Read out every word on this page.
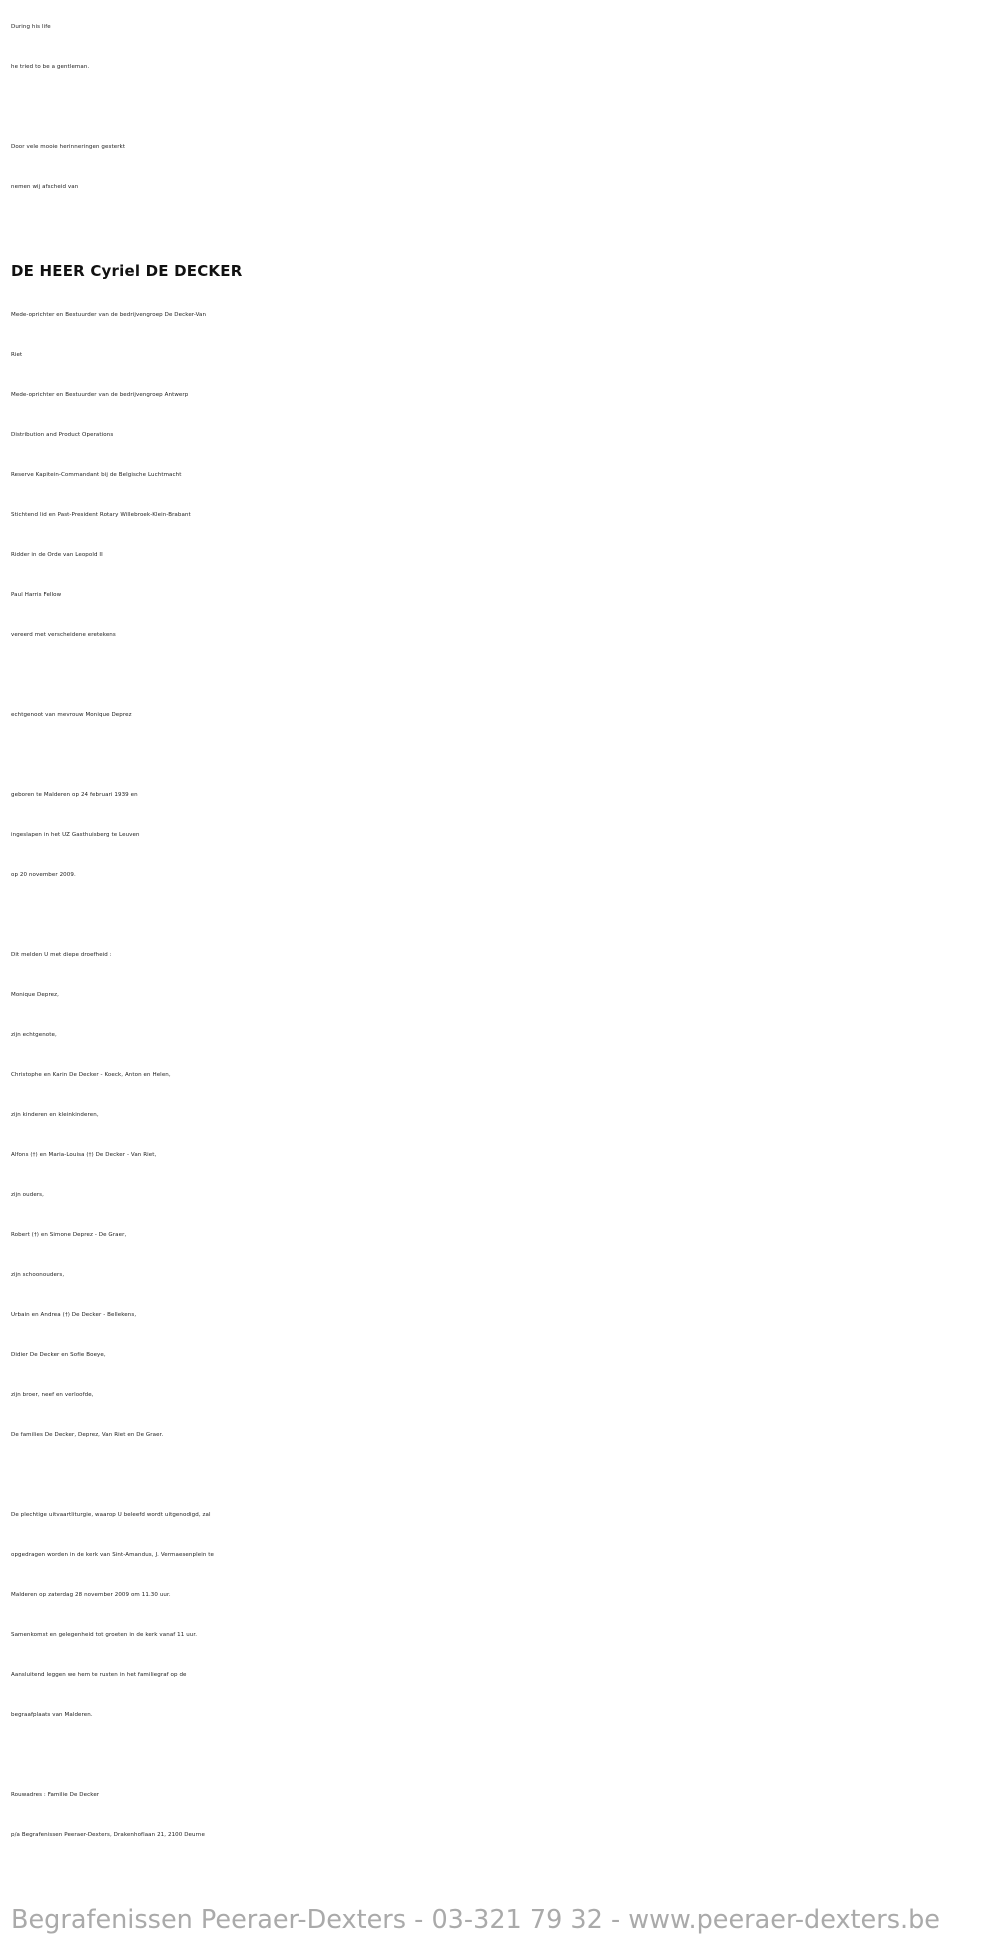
During his life
he tried to be a gentleman.
Door vele mooie herinneringen gesterkt
nemen wij afscheid van
DE HEER Cyriel DE DECKER
Mede-oprichter en Bestuurder van de bedrijvengroep De Decker-Van
Riet
Mede-oprichter en Bestuurder van de bedrijvengroep Antwerp
Distribution and Product Operations
Reserve Kapitein-Commandant bij de Belgische Luchtmacht
Stichtend lid en Past-President Rotary Willebroek-Klein-Brabant
Ridder in de Orde van Leopold II
Paul Harris Fellow
vereerd met verscheidene eretekens
echtgenoot van mevrouw Monique Deprez
geboren te Malderen op 24 februari 1939 en
ingeslapen in het UZ Gasthuisberg te Leuven
op 20 november 2009.
Dit melden U met diepe droefheid :
Monique Deprez,
zijn echtgenote,
Christophe en Karin De Decker - Koeck, Anton en Helen,
zijn kinderen en kleinkinderen,
Alfons (†) en Maria-Louisa (†) De Decker - Van Riet,
zijn ouders,
Robert (†) en Simone Deprez - De Graer,
zijn schoonouders,
Urbain en Andrea (†) De Decker - Bellekens,
Didier De Decker en Sofie Boeye,
zijn broer, neef en verloofde,
De families De Decker, Deprez, Van Riet en De Graer.
De plechtige uitvaartliturgie, waarop U beleefd wordt uitgenodigd, zal
opgedragen worden in de kerk van Sint-Amandus, J. Vermaesenplein te
Malderen op zaterdag 28 november 2009 om 11.30 uur.
Samenkomst en gelegenheid tot groeten in de kerk vanaf 11 uur.
Aansluitend leggen we hem te rusten in het familiegraf op de
begraafplaats van Malderen.
Rouwadres : Familie De Decker
p/a Begrafenissen Peeraer-Dexters, Drakenhoflaan 21, 2100 Deurne
Begrafenissen Peeraer-Dexters - 03-321 79 32 - www.peeraer-dexters.be
